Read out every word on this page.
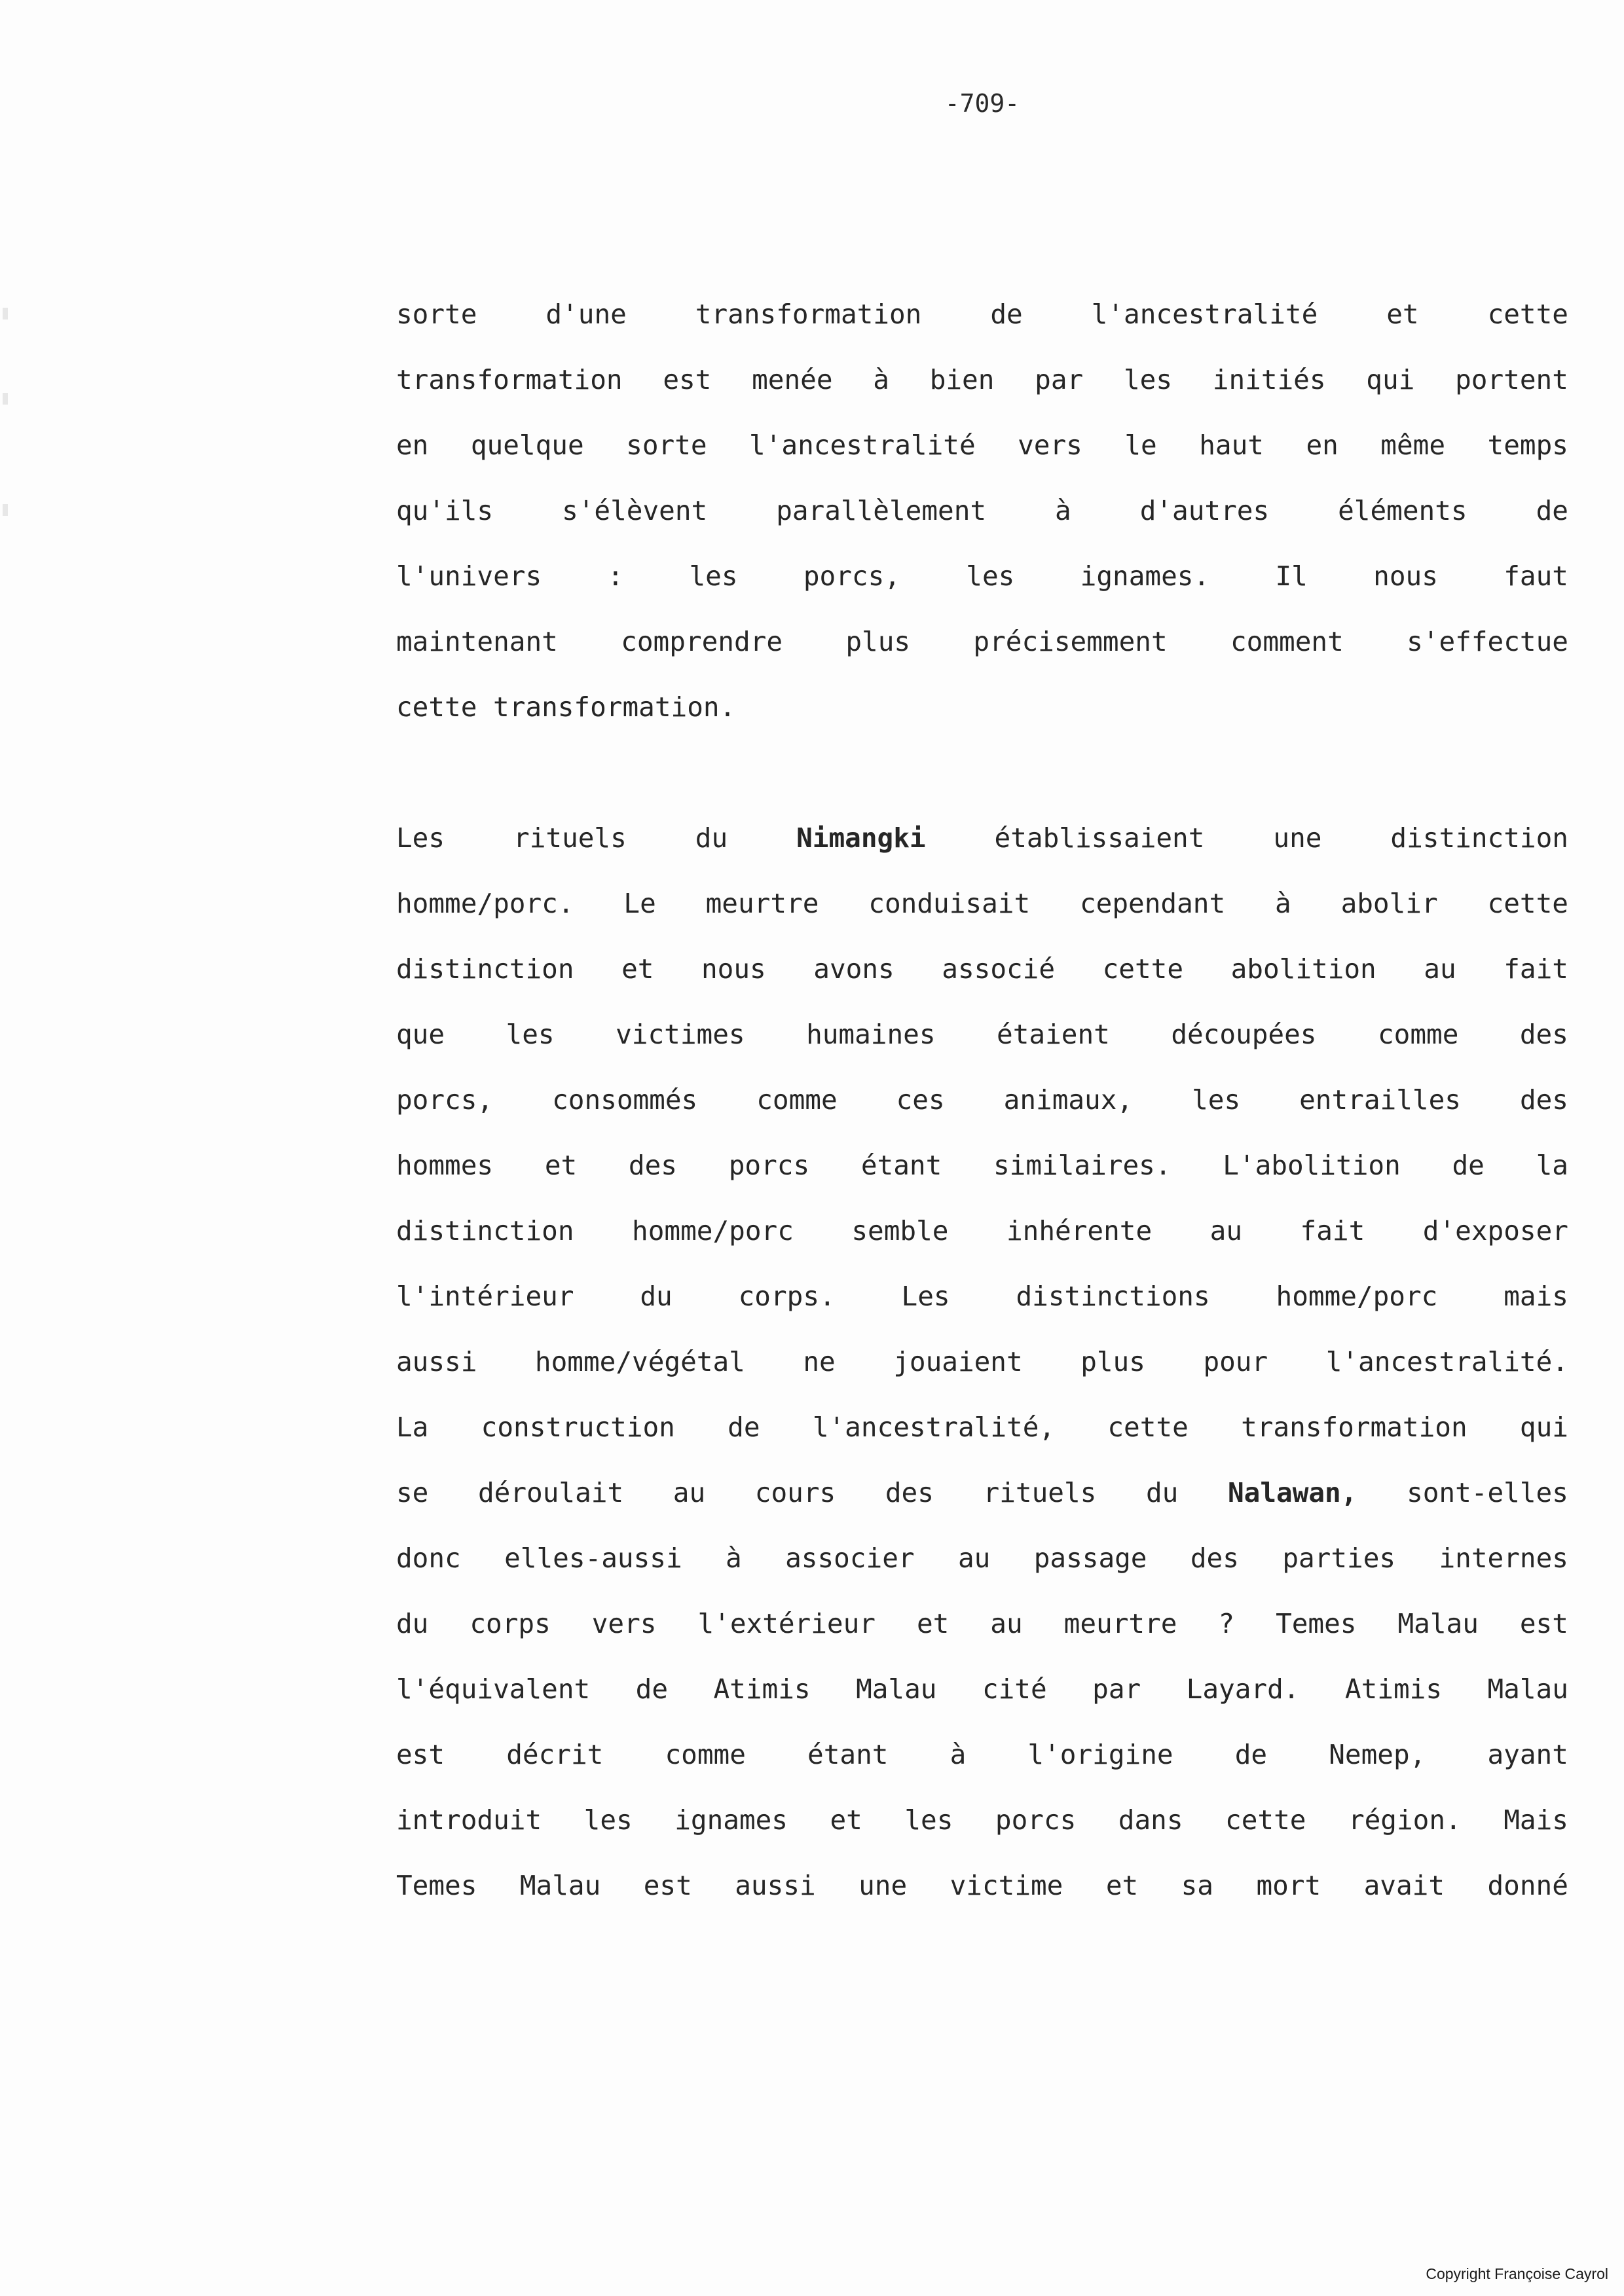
-709-
sorte	d'une	transformation	de	l'ancestralité	et	cette
transformation est menée à bien par les initiés qui portent
en quelque sorte l'ancestralité vers le haut en même temps
qu'ils	s'élèvent	parallèlement	à	d'autres	éléments	de
l'univers : les porcs, les ignames. Il nous faut
maintenant comprendre plus précisemment comment s'effectue
cette transformation.
Les	rituels	du	Nimangki	établissaient	une	distinction
homme/porc. Le meurtre conduisait cependant à abolir cette
distinction et nous avons associé cette abolition au fait
que les victimes humaines étaient découpées comme des
porcs, consommés comme ces animaux, les entrailles des
hommes et des porcs étant similaires. L'abolition de la
distinction homme/porc semble inhérente au fait d'exposer
l'intérieur du corps. Les distinctions homme/porc mais
aussi homme/végétal ne jouaient plus pour l'ancestralité.
La construction de l'ancestralité, cette transformation qui
se déroulait au cours des rituels du Nalawan, sont-elles
donc elles-aussi à associer au passage des parties internes
du corps vers l'extérieur et au meurtre ? Temes Malau est
l'équivalent de Atimis Malau cité par Layard. Atimis Malau
est décrit comme étant à l'origine de Nemep, ayant
introduit les ignames et les porcs dans cette région. Mais
Temes Malau est aussi une victime et sa mort avait donné
Copyright Françoise Cayrol
